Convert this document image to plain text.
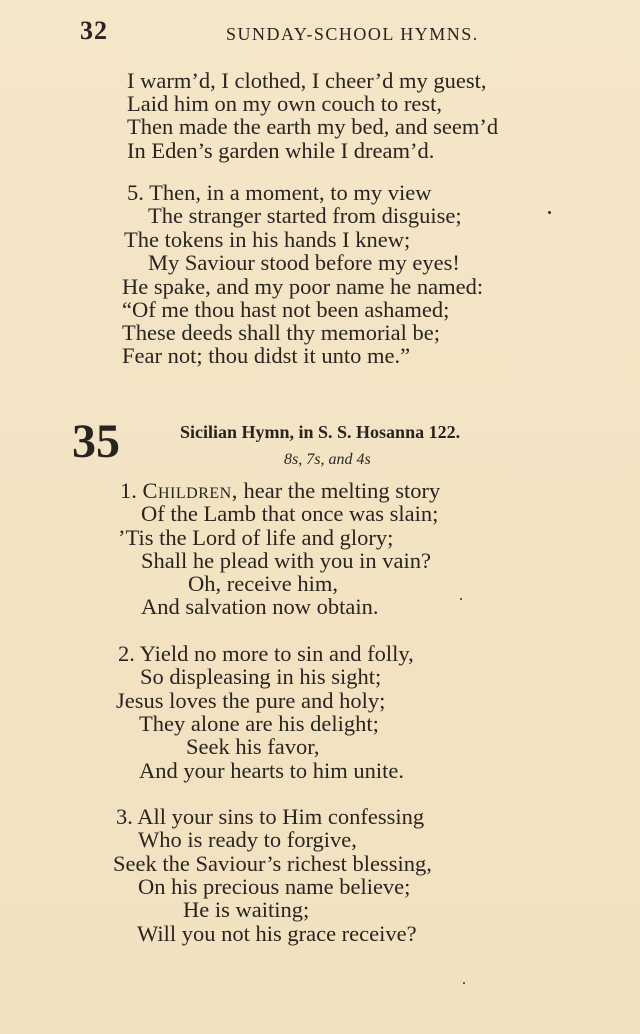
32	SUNDAY-SCHOOL HYMNS.
I warm’d, I clothed, I cheer’d my guest,
Laid him on my own couch to rest,
Then made the earth my bed, and seem’d
In Eden’s garden while I dream’d.
5. Then, in a moment, to my view
The stranger started from disguise;
The tokens in his hands I knew;
My Saviour stood before my eyes!
He spake, and my poor name he named:
“Of me thou hast not been ashamed;
These deeds shall thy memorial be;
Fear not; thou didst it unto me.”
35	Sicilian Hymn, in S. S. Hosanna 122.
8s, 7s, and 4s
1. Children, hear the melting story
Of the Lamb that once was slain;
’Tis the Lord of life and glory;
Shall he plead with you in vain?
Oh, receive him,
And salvation now obtain.
2. Yield no more to sin and folly,
So displeasing in his sight;
Jesus loves the pure and holy;
They alone are his delight;
Seek his favor,
And your hearts to him unite.
3. All your sins to Him confessing
Who is ready to forgive,
Seek the Saviour’s richest blessing,
On his precious name believe;
He is waiting;
Will you not his grace receive?
